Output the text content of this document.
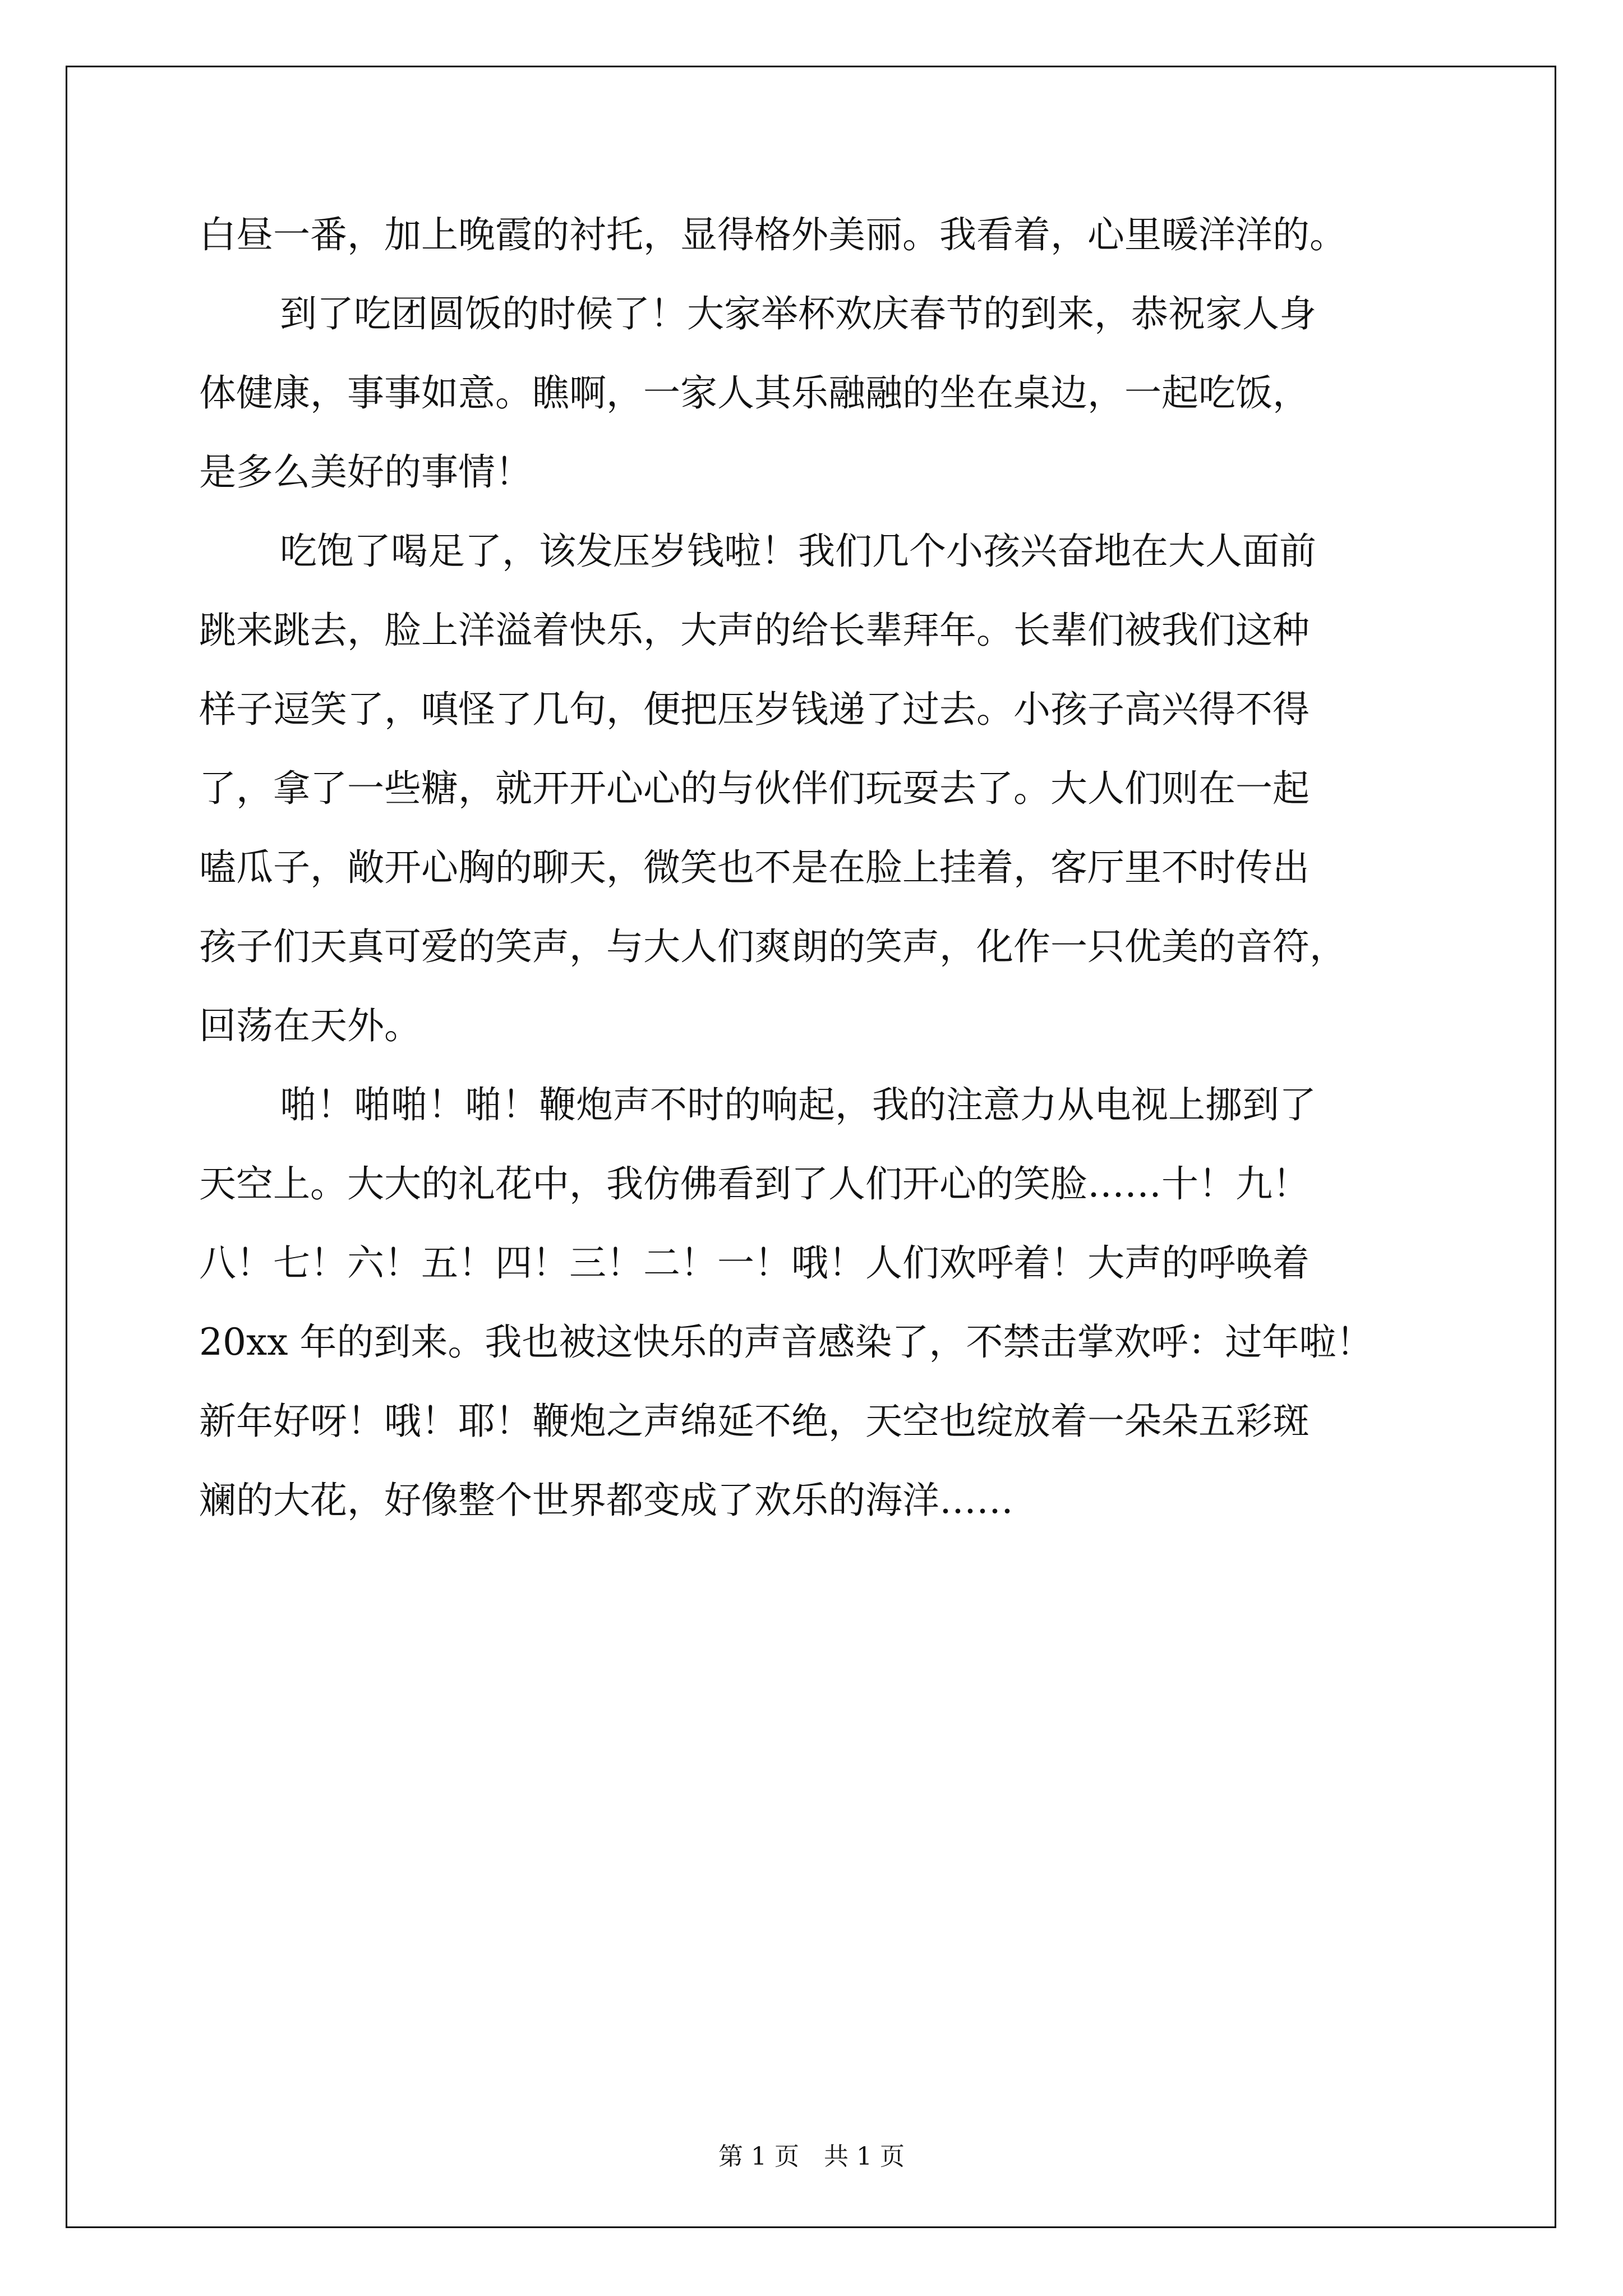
白昼一番，加上晚霞的衬托，显得格外美丽。我看着，心里暖洋洋的。
到了吃团圆饭的时候了！大家举杯欢庆春节的到来，恭祝家人身
体健康，事事如意。瞧啊，一家人其乐融融的坐在桌边，一起吃饭，
是多么美好的事情！
吃饱了喝足了，该发压岁钱啦！我们几个小孩兴奋地在大人面前
跳来跳去，脸上洋溢着快乐，大声的给长辈拜年。长辈们被我们这种
样子逗笑了，嗔怪了几句，便把压岁钱递了过去。小孩子高兴得不得
了，拿了一些糖，就开开心心的与伙伴们玩耍去了。大人们则在一起
嗑瓜子，敞开心胸的聊天，微笑也不是在脸上挂着，客厅里不时传出
孩子们天真可爱的笑声，与大人们爽朗的笑声，化作一只优美的音符，
回荡在天外。
啪！啪啪！啪！鞭炮声不时的响起，我的注意力从电视上挪到了
天空上。大大的礼花中，我仿佛看到了人们开心的笑脸……十！九！
八！七！六！五！四！三！二！一！哦！人们欢呼着！大声的呼唤着
20xx 年的到来。我也被这快乐的声音感染了，不禁击掌欢呼：过年啦！
新年好呀！哦！耶！鞭炮之声绵延不绝，天空也绽放着一朵朵五彩斑
斓的大花，好像整个世界都变成了欢乐的海洋……
第 1 页　共 1 页
